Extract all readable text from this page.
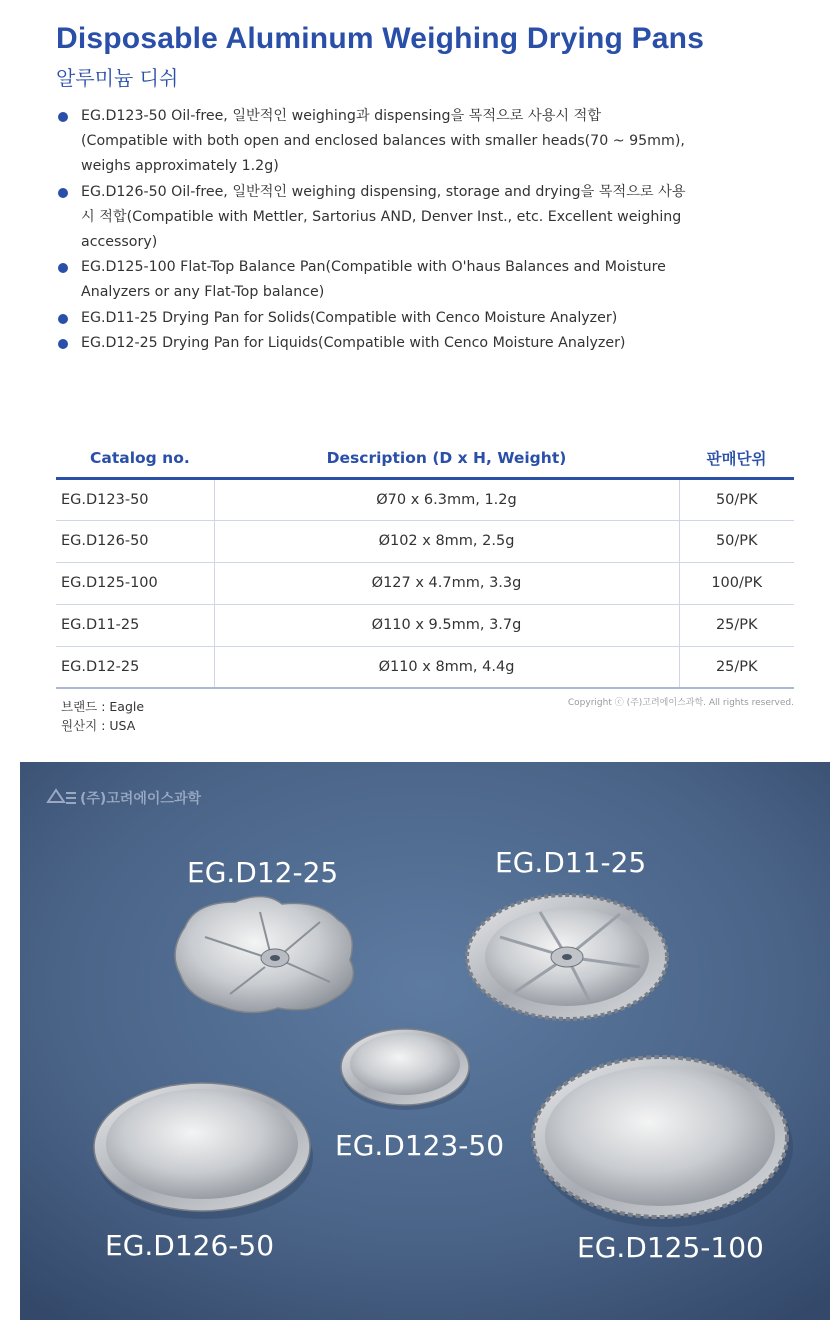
Disposable Aluminum Weighing Drying Pans
알루미늄 디쉬
EG.D123-50 Oil-free, 일반적인 weighing과 dispensing을 목적으로 사용시 적합
(Compatible with both open and enclosed balances with smaller heads(70 ~ 95mm),
weighs approximately 1.2g)
EG.D126-50 Oil-free, 일반적인 weighing dispensing, storage and drying을 목적으로 사용
시 적합(Compatible with Mettler, Sartorius AND, Denver Inst., etc. Excellent weighing
accessory)
EG.D125-100 Flat-Top Balance Pan(Compatible with O'haus Balances and Moisture
Analyzers or any Flat-Top balance)
EG.D11-25 Drying Pan for Solids(Compatible with Cenco Moisture Analyzer)
EG.D12-25 Drying Pan for Liquids(Compatible with Cenco Moisture Analyzer)
Catalog no.	Description (D x H, Weight)	판매단위
EG.D123-50	Ø70 x 6.3mm, 1.2g	50/PK
EG.D126-50	Ø102 x 8mm, 2.5g	50/PK
EG.D125-100	Ø127 x 4.7mm, 3.3g	100/PK
EG.D11-25	Ø110 x 9.5mm, 3.7g	25/PK
EG.D12-25	Ø110 x 8mm, 4.4g	25/PK
브랜드 : Eagle
원산지 : USA
Copyright ⓒ (주)고려에이스과학. All rights reserved.
(주)고려에이스과학
EG.D12-25	EG.D11-25
EG.D123-50
EG.D126-50	EG.D125-100
